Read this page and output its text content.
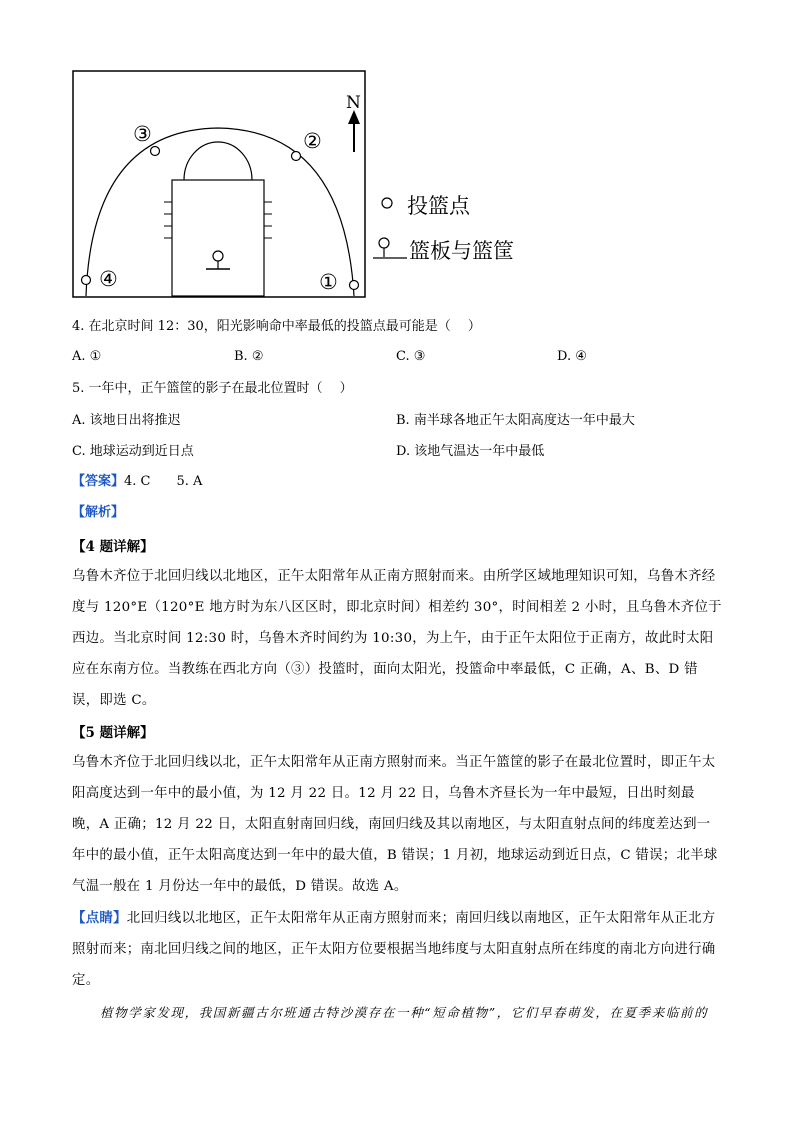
N
③	②
④	①
投篮点
篮板与篮筐
4. 在北京时间 12：30，阳光影响命中率最低的投篮点最可能是（　 ）
A. ①	B. ②	C. ③	D. ④
5. 一年中，正午篮筐的影子在最北位置时（　 ）
A. 该地日出将推迟	B. 南半球各地正午太阳高度达一年中最大
C. 地球运动到近日点	D. 该地气温达一年中最低
【答案】4. C　　5. A
【解析】
【4 题详解】

乌鲁木齐位于北回归线以北地区，正午太阳常年从正南方照射而来。由所学区域地理知识可知，乌鲁木齐经度与 120°E（120°E 地方时为东八区区时，即北京时间）相差约 30°，时间相差 2 小时，且乌鲁木齐位于西边。当北京时间 12:30 时，乌鲁木齐时间约为 10:30，为上午，由于正午太阳位于正南方，故此时太阳应在东南方位。当教练在西北方向（③）投篮时，面向太阳光，投篮命中率最低，C 正确，A、B、D 错误，即选 C。

【5 题详解】

乌鲁木齐位于北回归线以北，正午太阳常年从正南方照射而来。当正午篮筐的影子在最北位置时，即正午太阳高度达到一年中的最小值，为 12 月 22 日。12 月 22 日，乌鲁木齐昼长为一年中最短，日出时刻最晚，A 正确；12 月 22 日，太阳直射南回归线，南回归线及其以南地区，与太阳直射点间的纬度差达到一年中的最小值，正午太阳高度达到一年中的最大值，B 错误；1 月初，地球运动到近日点，C 错误；北半球气温一般在 1 月份达一年中的最低，D 错误。故选 A。

【点睛】北回归线以北地区，正午太阳常年从正南方照射而来；南回归线以南地区，正午太阳常年从正北方照射而来；南北回归线之间的地区，正午太阳方位要根据当地纬度与太阳直射点所在纬度的南北方向进行确定。

植物学家发现，我国新疆古尔班通古特沙漠存在一种“短命植物”，它们早春萌发，在夏季来临前的
